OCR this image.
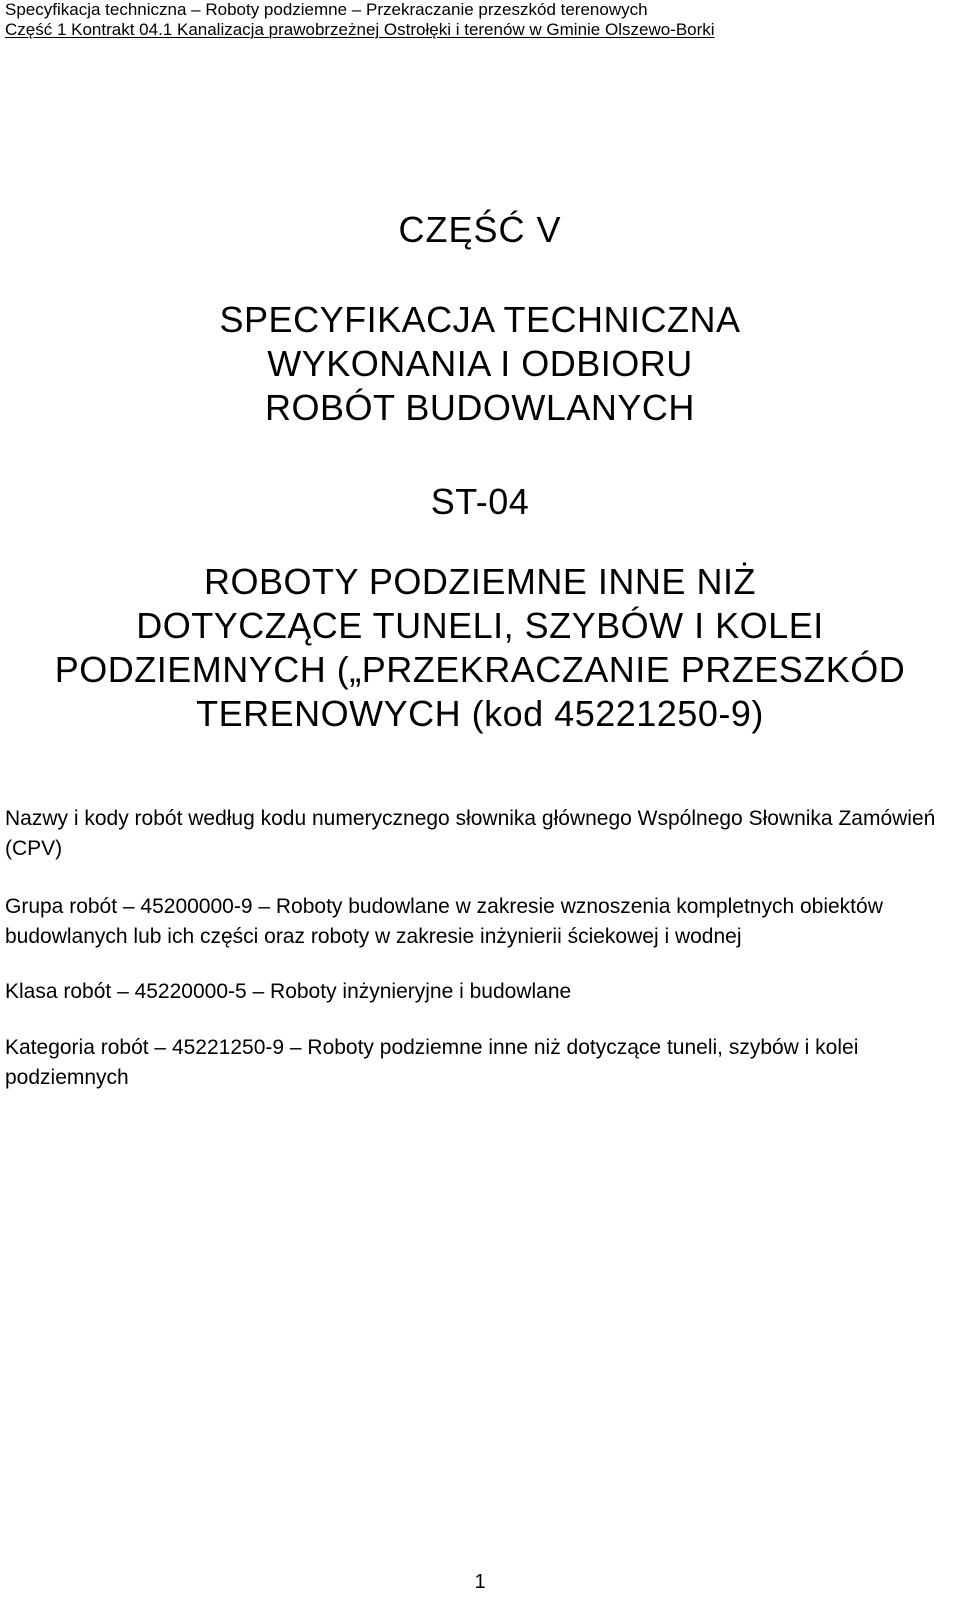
Specyfikacja techniczna – Roboty podziemne – Przekraczanie przeszkód terenowych
Część 1 Kontrakt 04.1 Kanalizacja prawobrzeżnej Ostrołęki i terenów w Gminie Olszewo-Borki
CZĘŚĆ V
SPECYFIKACJA TECHNICZNA
WYKONANIA I ODBIORU
ROBÓT BUDOWLANYCH
ST-04
ROBOTY PODZIEMNE INNE NIŻ
DOTYCZĄCE TUNELI, SZYBÓW I KOLEI
PODZIEMNYCH („PRZEKRACZANIE PRZESZKÓD
TERENOWYCH (kod 45221250-9)
Nazwy i kody robót według kodu numerycznego słownika głównego Wspólnego Słownika Zamówień (CPV)
Grupa robót – 45200000-9 – Roboty budowlane w zakresie wznoszenia kompletnych obiektów budowlanych lub ich części oraz roboty w zakresie inżynierii ściekowej i wodnej
Klasa robót – 45220000-5 – Roboty inżynieryjne i budowlane
Kategoria robót – 45221250-9 – Roboty podziemne inne niż dotyczące tuneli, szybów i kolei podziemnych
1
